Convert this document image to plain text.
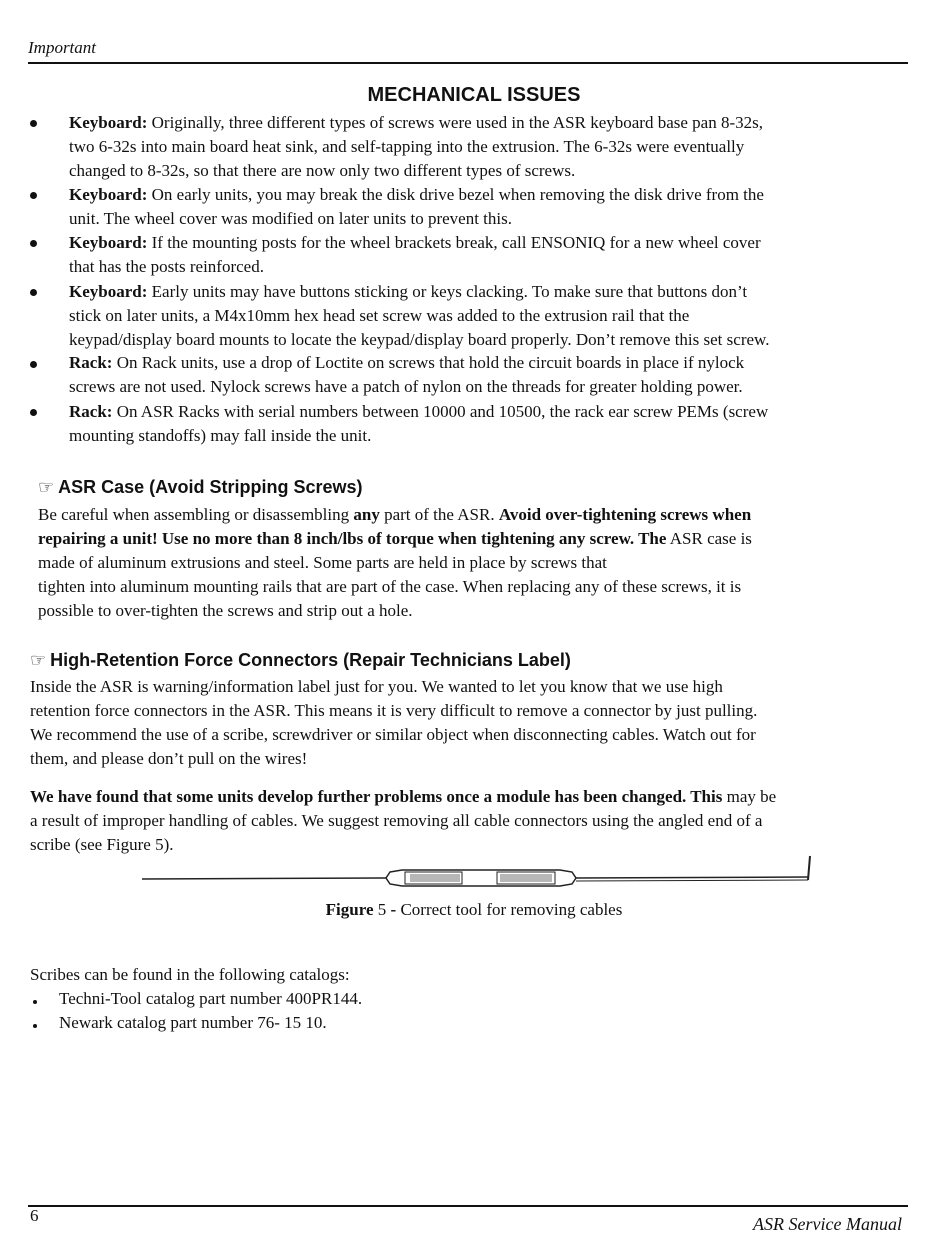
Important
MECHANICAL ISSUES
Keyboard: Originally, three different types of screws were used in the ASR keyboard base pan 8-32s,
two 6-32s into main board heat sink, and self-tapping into the extrusion. The 6-32s were eventually
changed to 8-32s, so that there are now only two different types of screws.
Keyboard: On early units, you may break the disk drive bezel when removing the disk drive from the
unit. The wheel cover was modified on later units to prevent this.
Keyboard: If the mounting posts for the wheel brackets break, call ENSONIQ for a new wheel cover
that has the posts reinforced.
Keyboard: Early units may have buttons sticking or keys clacking. To make sure that buttons don’t
stick on later units, a M4x10mm hex head set screw was added to the extrusion rail that the
keypad/display board mounts to locate the keypad/display board properly. Don’t remove this set screw.
Rack: On Rack units, use a drop of Loctite on screws that hold the circuit boards in place if nylock
screws are not used. Nylock screws have a patch of nylon on the threads for greater holding power.
Rack: On ASR Racks with serial numbers between 10000 and 10500, the rack ear screw PEMs (screw
mounting standoffs) may fall inside the unit.
☞ ASR Case (Avoid Stripping Screws)
Be careful when assembling or disassembling any part of the ASR. Avoid over-tightening screws when
repairing a unit! Use no more than 8 inch/lbs of torque when tightening any screw. The ASR case is
made of aluminum extrusions and steel. Some parts are held in place by screws that
tighten into aluminum mounting rails that are part of the case. When replacing any of these screws, it is
possible to over-tighten the screws and strip out a hole.
☞ High-Retention Force Connectors (Repair Technicians Label)
Inside the ASR is warning/information label just for you. We wanted to let you know that we use high
retention force connectors in the ASR. This means it is very difficult to remove a connector by just pulling.
We recommend the use of a scribe, screwdriver or similar object when disconnecting cables. Watch out for
them, and please don’t pull on the wires!
We have found that some units develop further problems once a module has been changed. This may be
a result of improper handling of cables. We suggest removing all cable connectors using the angled end of a
scribe (see Figure 5).
Figure 5 - Correct tool for removing cables
Scribes can be found in the following catalogs:
Techni-Tool catalog part number 400PR144.
Newark catalog part number 76- 15 10.
6	ASR Service Manual
